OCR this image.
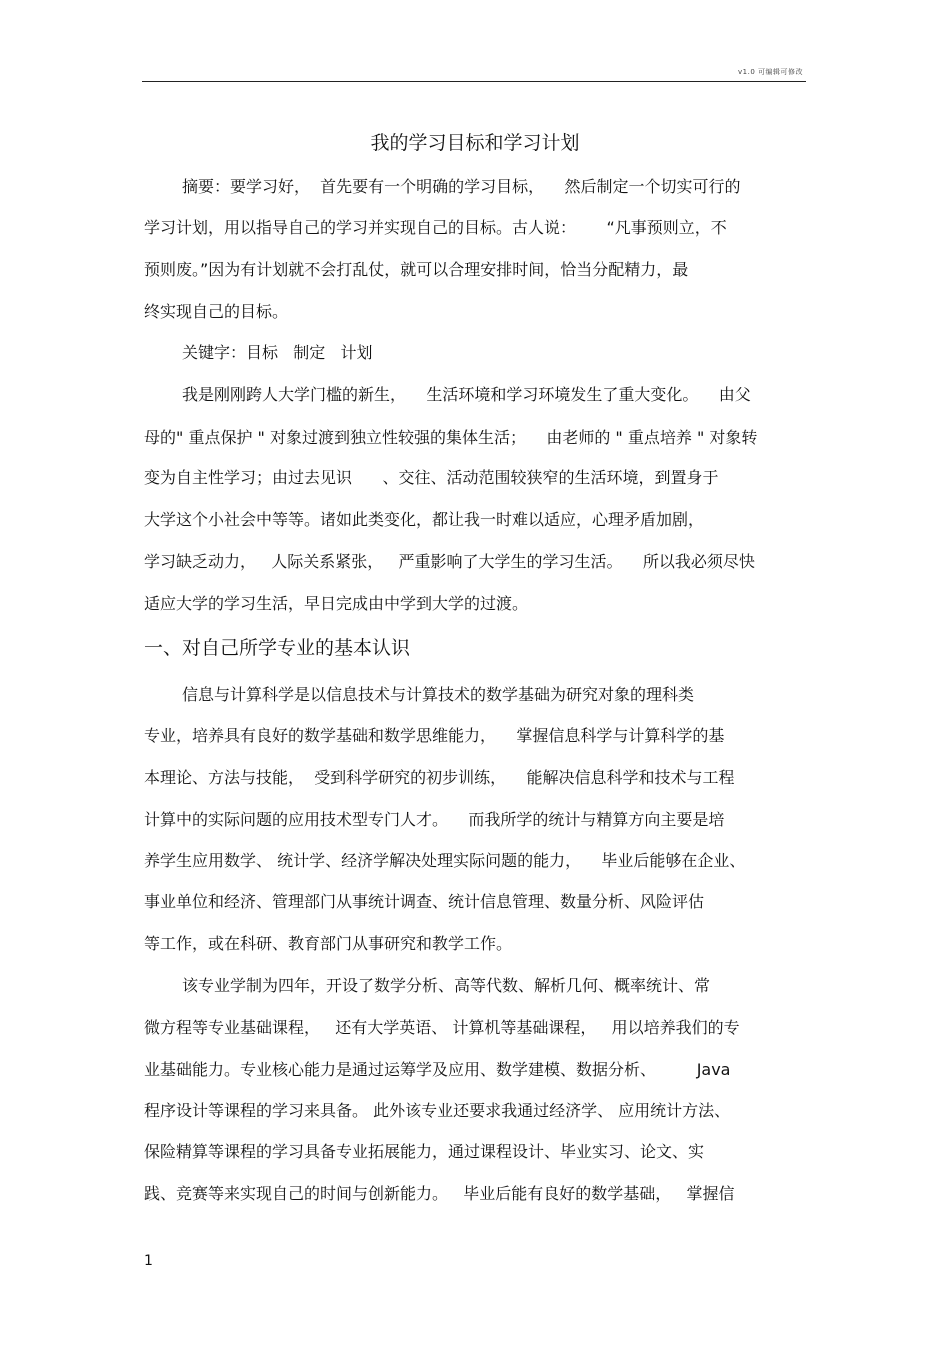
v1.0 可编辑可修改
我的学习目标和学习计划
摘要：要学习好，  首先要有一个明确的学习目标，    然后制定一个切实可行的
学习计划，用以指导自己的学习并实现自己的目标。古人说：      “凡事预则立，不
预则废。”因为有计划就不会打乱仗，就可以合理安排时间，恰当分配精力，最
终实现自己的目标。
关键字：目标   制定   计划
我是刚刚跨人大学门槛的新生，    生活环境和学习环境发生了重大变化。    由父
母的" 重点保护 " 对象过渡到独立性较强的集体生活；    由老师的 " 重点培养 " 对象转
变为自主性学习；由过去见识      、交往、活动范围较狭窄的生活环境，到置身于
大学这个小社会中等等。诸如此类变化，都让我一时难以适应，心理矛盾加剧，
学习缺乏动力，   人际关系紧张，   严重影响了大学生的学习生活。    所以我必须尽快
适应大学的学习生活，早日完成由中学到大学的过渡。
一、对自己所学专业的基本认识
信息与计算科学是以信息技术与计算技术的数学基础为研究对象的理科类
专业，培养具有良好的数学基础和数学思维能力，    掌握信息科学与计算科学的基
本理论、方法与技能，  受到科学研究的初步训练，    能解决信息科学和技术与工程
计算中的实际问题的应用技术型专门人才。    而我所学的统计与精算方向主要是培
养学生应用数学、 统计学、经济学解决处理实际问题的能力，    毕业后能够在企业、
事业单位和经济、管理部门从事统计调查、统计信息管理、数量分析、风险评估
等工作，或在科研、教育部门从事研究和教学工作。
该专业学制为四年，开设了数学分析、高等代数、解析几何、概率统计、常
微方程等专业基础课程，   还有大学英语、 计算机等基础课程，   用以培养我们的专
业基础能力。专业核心能力是通过运筹学及应用、数学建模、数据分析、        Java
程序设计等课程的学习来具备。 此外该专业还要求我通过经济学、 应用统计方法、
保险精算等课程的学习具备专业拓展能力，通过课程设计、毕业实习、论文、实
践、竞赛等来实现自己的时间与创新能力。   毕业后能有良好的数学基础，   掌握信
1
